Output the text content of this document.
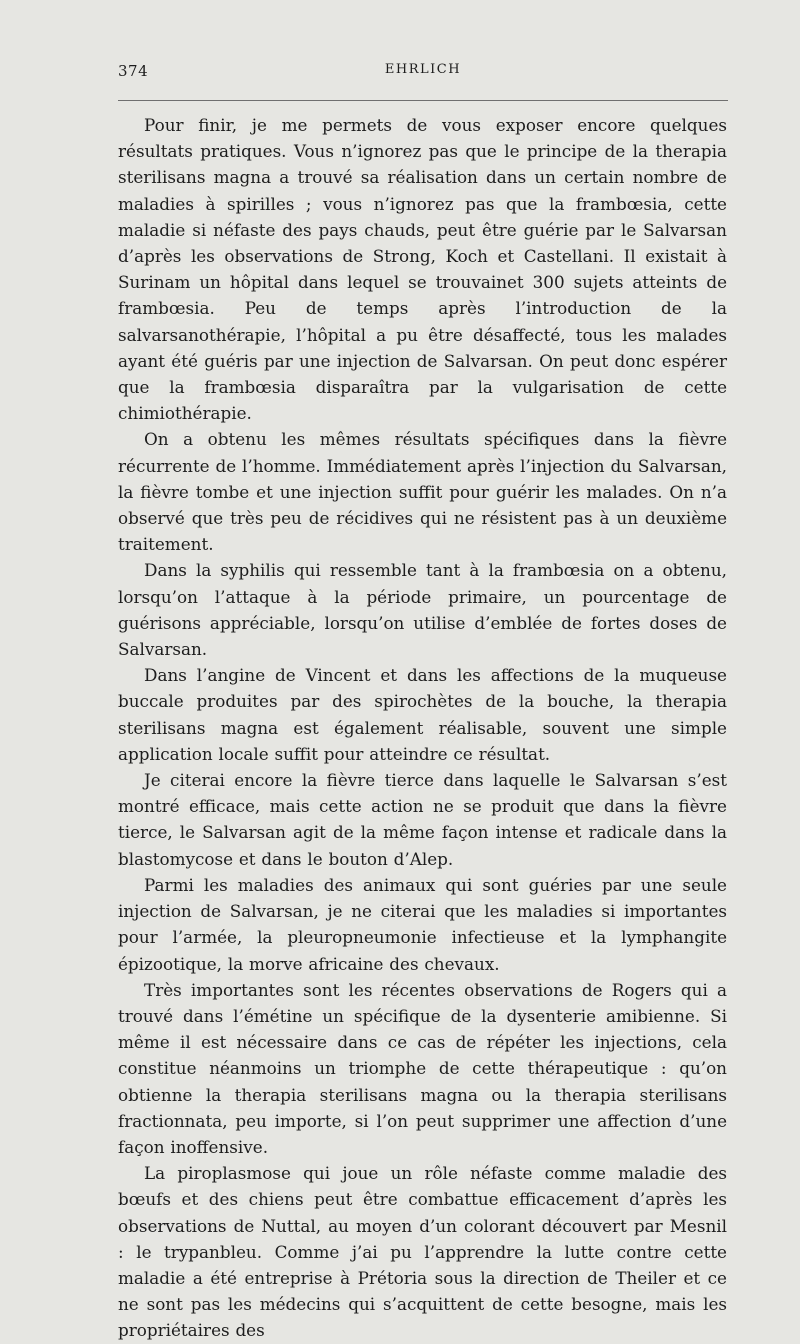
374	EHRLICH

Pour finir, je me permets de vous exposer encore quelques résultats pratiques. Vous n’ignorez pas que le principe de la therapia sterilisans magna a trouvé sa réalisation dans un certain nombre de maladies à spirilles ; vous n’ignorez pas que la frambœsia, cette maladie si néfaste des pays chauds, peut être guérie par le Salvarsan d’après les observations de Strong, Koch et Castellani. Il existait à Surinam un hôpital dans lequel se trouvainet 300 sujets atteints de frambœsia. Peu de temps après l’introduction de la salvarsanothérapie, l’hôpital a pu être désaffecté, tous les malades ayant été guéris par une injection de Salvarsan. On peut donc espérer que la frambœsia disparaîtra par la vulgarisation de cette chimiothérapie.

On a obtenu les mêmes résultats spécifiques dans la fièvre récurrente de l’homme. Immédiatement après l’injection du Salvarsan, la fièvre tombe et une injection suffit pour guérir les malades. On n’a observé que très peu de récidives qui ne résistent pas à un deuxième traitement.

Dans la syphilis qui ressemble tant à la frambœsia on a obtenu, lorsqu’on l’attaque à la période primaire, un pourcentage de guérisons appréciable, lorsqu’on utilise d’emblée de fortes doses de Salvarsan.

Dans l’angine de Vincent et dans les affections de la muqueuse buccale produites par des spirochètes de la bouche, la therapia sterilisans magna est également réalisable, souvent une simple application locale suffit pour atteindre ce résultat.

Je citerai encore la fièvre tierce dans laquelle le Salvarsan s’est montré efficace, mais cette action ne se produit que dans la fièvre tierce, le Salvarsan agit de la même façon intense et radicale dans la blastomycose et dans le bouton d’Alep.

Parmi les maladies des animaux qui sont guéries par une seule injection de Salvarsan, je ne citerai que les maladies si importantes pour l’armée, la pleuropneumonie infectieuse et la lymphangite épizootique, la morve africaine des chevaux.

Très importantes sont les récentes observations de Rogers qui a trouvé dans l’émétine un spécifique de la dysenterie amibienne. Si même il est nécessaire dans ce cas de répéter les injections, cela constitue néanmoins un triomphe de cette thérapeutique : qu’on obtienne la therapia sterilisans magna ou la therapia sterilisans fractionnata, peu importe, si l’on peut supprimer une affection d’une façon inoffensive.

La piroplasmose qui joue un rôle néfaste comme maladie des bœufs et des chiens peut être combattue efficacement d’après les observations de Nuttal, au moyen d’un colorant découvert par Mesnil : le trypanbleu. Comme j’ai pu l’apprendre la lutte contre cette maladie a été entreprise à Prétoria sous la direction de Theiler et ce ne sont pas les médecins qui s’acquittent de cette besogne, mais les propriétaires des
